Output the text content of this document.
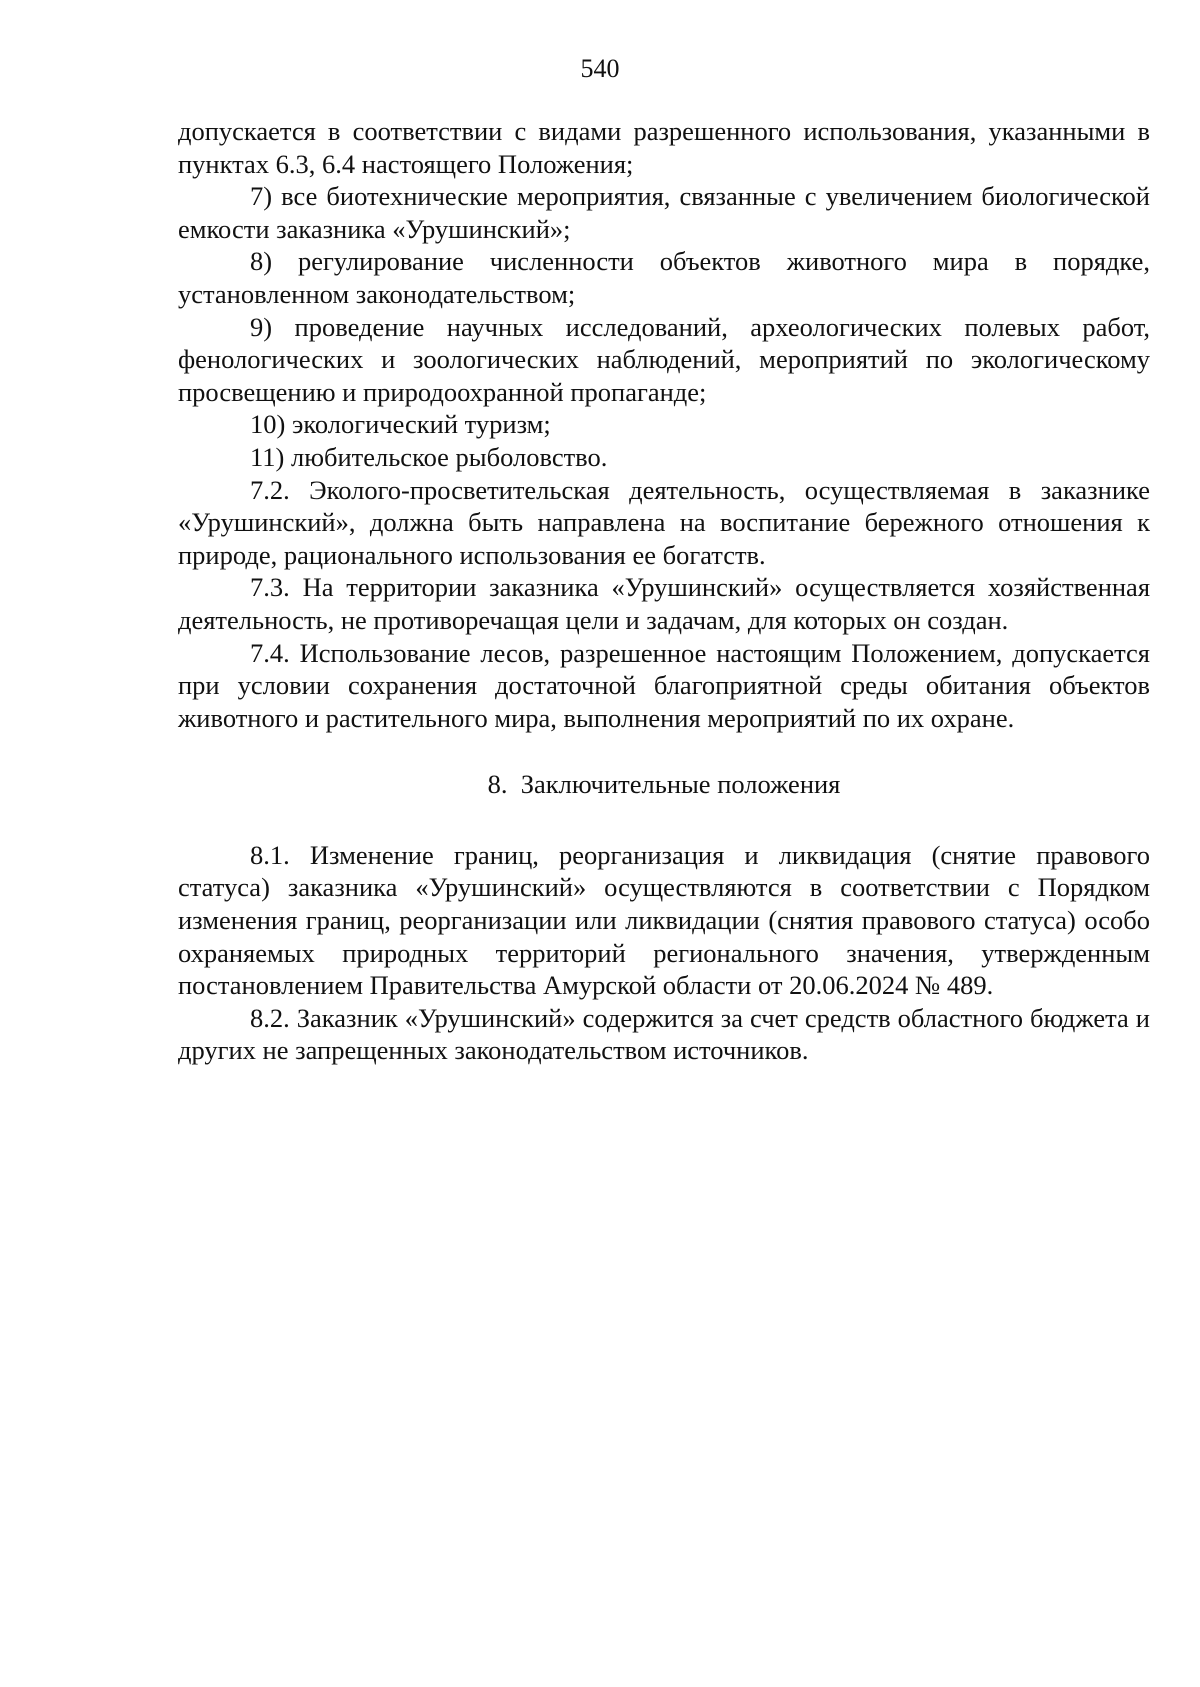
540

допускается в соответствии с видами разрешенного использования, указанными в пунктах 6.3, 6.4 настоящего Положения;

7) все биотехнические мероприятия, связанные с увеличением биологической емкости заказника «Урушинский»;

8) регулирование численности объектов животного мира в порядке, установленном законодательством;

9) проведение научных исследований, археологических полевых работ, фенологических и зоологических наблюдений, мероприятий по экологическому просвещению и природоохранной пропаганде;

10) экологический туризм;

11) любительское рыболовство.

7.2. Эколого-просветительская деятельность, осуществляемая в заказнике «Урушинский», должна быть направлена на воспитание бережного отношения к природе, рационального использования ее богатств.

7.3. На территории заказника «Урушинский» осуществляется хозяйственная деятельность, не противоречащая цели и задачам, для которых он создан.

7.4. Использование лесов, разрешенное настоящим Положением, допускается при условии сохранения достаточной благоприятной среды обитания объектов животного и растительного мира, выполнения мероприятий по их охране.

8.  Заключительные положения

8.1. Изменение границ, реорганизация и ликвидация (снятие правового статуса) заказника «Урушинский» осуществляются в соответствии с Порядком изменения границ, реорганизации или ликвидации (снятия правового статуса) особо охраняемых природных территорий регионального значения, утвержденным постановлением Правительства Амурской области от 20.06.2024 № 489.

8.2. Заказник «Урушинский» содержится за счет средств областного бюджета и других не запрещенных законодательством источников.
